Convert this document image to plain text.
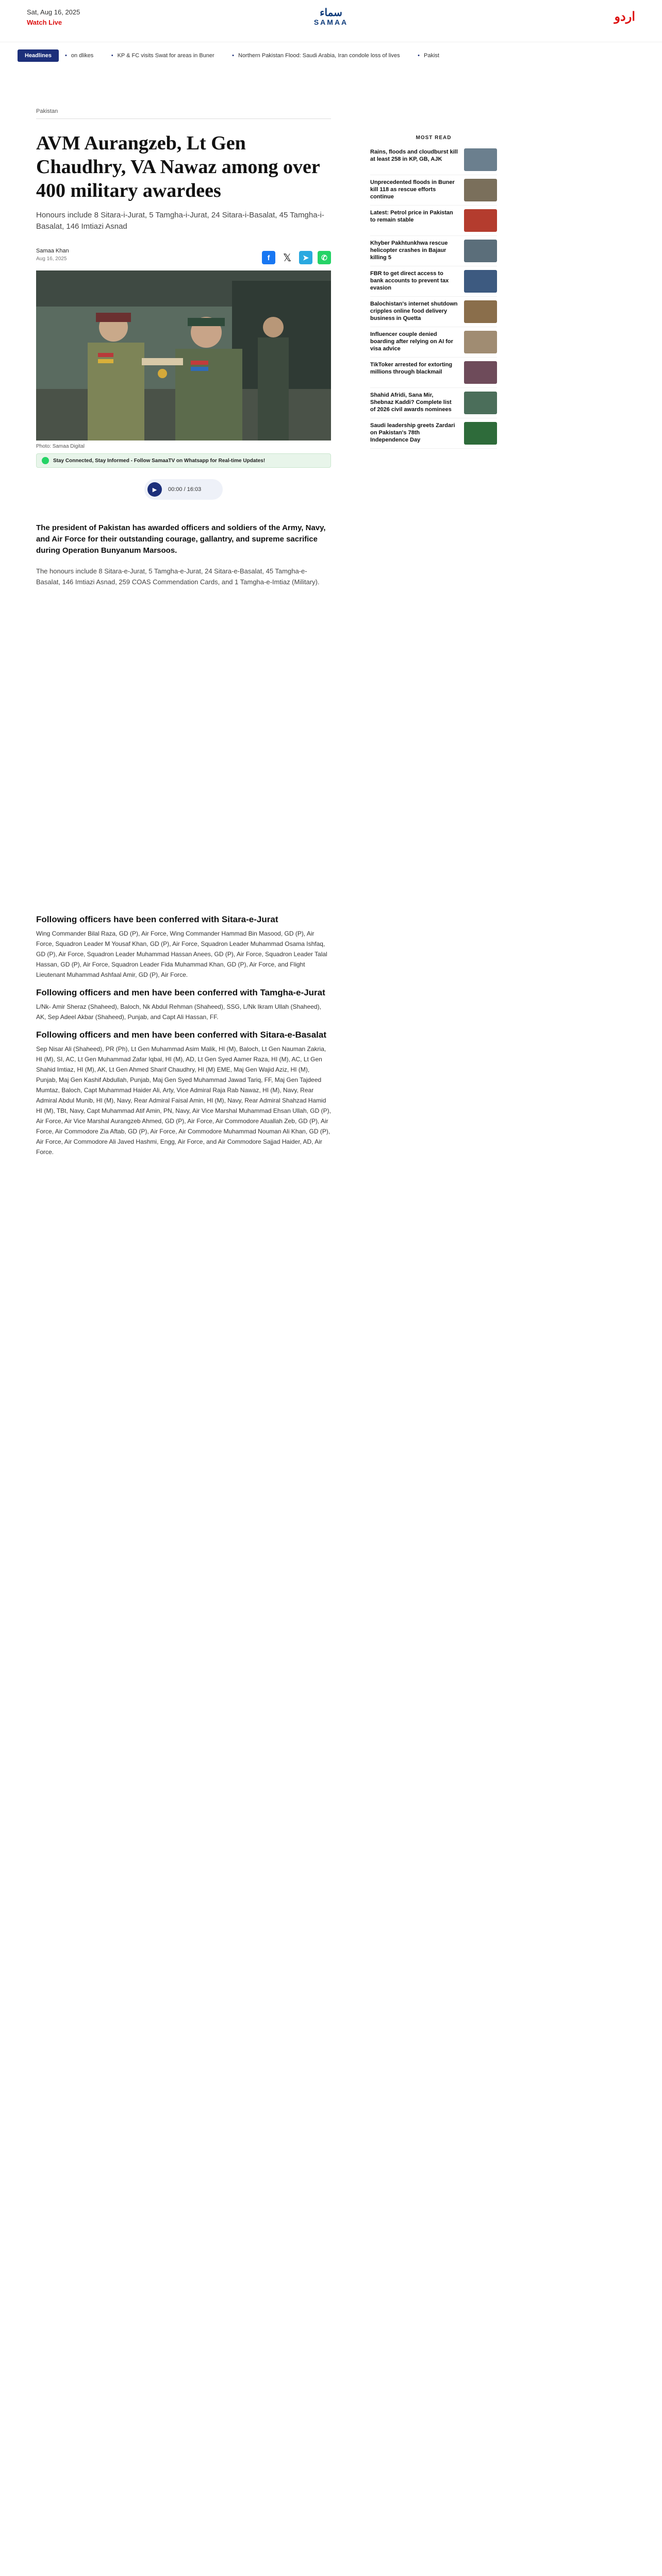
Sat, Aug 16, 2025
Watch Live
سماء
SAMAA	اردو
Headlines	• on dlikes	• KP & FC visits Swat for areas in Buner	• Northern Pakistan Flood: Saudi Arabia, Iran condole loss of lives	• Pakist
Pakistan
AVM Aurangzeb, Lt Gen Chaudhry, VA Nawaz among over 400 military awardees

Honours include 8 Sitara-i-Jurat, 5 Tamgha-i-Jurat, 24 Sitara-i-Basalat, 45 Tamgha-i-Basalat, 146 Imtiazi Asnad

Samaa Khan
Aug 16, 2025	f	𝕏	➤	✆
Photo: Samaa Digital
Stay Connected, Stay Informed - Follow SamaaTV on Whatsapp for Real-time Updates!
▶	00:00 / 16:03

The president of Pakistan has awarded officers and soldiers of the Army, Navy, and Air Force for their outstanding courage, gallantry, and supreme sacrifice during Operation Bunyanum Marsoos.

The honours include 8 Sitara-e-Jurat, 5 Tamgha-e-Jurat, 24 Sitara-e-Basalat, 45 Tamgha-e-Basalat, 146 Imtiazi Asnad, 259 COAS Commendation Cards, and 1 Tamgha-e-Imtiaz (Military).

Following officers have been conferred with Sitara-e-Jurat

Wing Commander Bilal Raza, GD (P), Air Force, Wing Commander Hammad Bin Masood, GD (P), Air Force, Squadron Leader M Yousaf Khan, GD (P), Air Force, Squadron Leader Muhammad Osama Ishfaq, GD (P), Air Force, Squadron Leader Muhammad Hassan Anees, GD (P), Air Force, Squadron Leader Talal Hassan, GD (P), Air Force, Squadron Leader Fida Muhammad Khan, GD (P), Air Force, and Flight Lieutenant Muhammad Ashfaal Amir, GD (P), Air Force.

Following officers and men have been conferred with Tamgha-e-Jurat

L/Nk- Amir Sheraz (Shaheed), Baloch, Nk Abdul Rehman (Shaheed), SSG, L/Nk Ikram Ullah (Shaheed), AK, Sep Adeel Akbar (Shaheed), Punjab, and Capt Ali Hassan, FF.

Following officers and men have been conferred with Sitara-e-Basalat

Sep Nisar Ali (Shaheed), PR (Ph), Lt Gen Muhammad Asim Malik, HI (M), Baloch, Lt Gen Nauman Zakria, HI (M), SI, AC, Lt Gen Muhammad Zafar Iqbal, HI (M), AD, Lt Gen Syed Aamer Raza, HI (M), AC, Lt Gen Shahid Imtiaz, HI (M), AK, Lt Gen Ahmed Sharif Chaudhry, HI (M) EME, Maj Gen Wajid Aziz, HI (M), Punjab, Maj Gen Kashif Abdullah, Punjab, Maj Gen Syed Muhammad Jawad Tariq, FF, Maj Gen Tajdeed Mumtaz, Baloch, Capt Muhammad Haider Ali, Arty, Vice Admiral Raja Rab Nawaz, HI (M), Navy, Rear Admiral Abdul Munib, HI (M), Navy, Rear Admiral Faisal Amin, HI (M), Navy, Rear Admiral Shahzad Hamid HI (M), TBt, Navy, Capt Muhammad Atif Amin, PN, Navy, Air Vice Marshal Muhammad Ehsan Ullah, GD (P), Air Force, Air Vice Marshal Aurangzeb Ahmed, GD (P), Air Force, Air Commodore Atuallah Zeb, GD (P), Air Force, Air Commodore Zia Aftab, GD (P), Air Force, Air Commodore Muhammad Nouman Ali Khan, GD (P), Air Force, Air Commodore Ali Javed Hashmi, Engg, Air Force, and Air Commodore Sajjad Haider, AD, Air Force.

MOST READ
Rains, floods and cloudburst kill at least 258 in KP, GB, AJK
Unprecedented floods in Buner kill 118 as rescue efforts continue
Latest: Petrol price in Pakistan to remain stable
Khyber Pakhtunkhwa rescue helicopter crashes in Bajaur killing 5
FBR to get direct access to bank accounts to prevent tax evasion
Balochistan's internet shutdown cripples online food delivery business in Quetta
Influencer couple denied boarding after relying on AI for visa advice
TikToker arrested for extorting millions through blackmail
Shahid Afridi, Sana Mir, Shebnaz Kaddi? Complete list of 2026 civil awards nominees
Saudi leadership greets Zardari on Pakistan's 78th Independence Day
